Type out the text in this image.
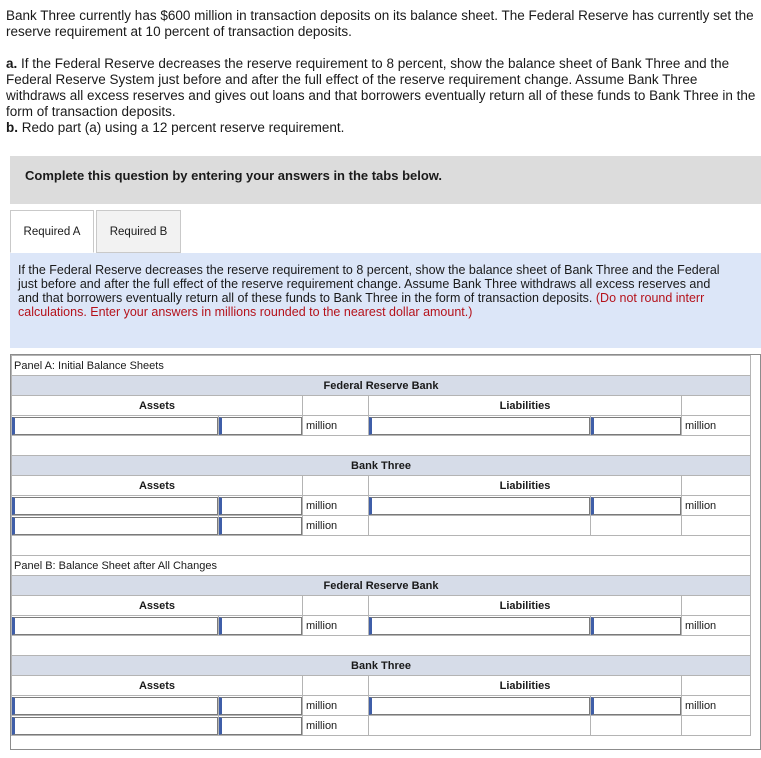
Bank Three currently has $600 million in transaction deposits on its balance sheet. The Federal Reserve has currently set the reserve requirement at 10 percent of transaction deposits.

a. If the Federal Reserve decreases the reserve requirement to 8 percent, show the balance sheet of Bank Three and the Federal Reserve System just before and after the full effect of the reserve requirement change. Assume Bank Three withdraws all excess reserves and gives out loans and that borrowers eventually return all of these funds to Bank Three in the form of transaction deposits.

b. Redo part (a) using a 12 percent reserve requirement.

Complete this question by entering your answers in the tabs below.
Required A	Required B
If the Federal Reserve decreases the reserve requirement to 8 percent, show the balance sheet of Bank Three and the Federal
just before and after the full effect of the reserve requirement change. Assume Bank Three withdraws all excess reserves and
and that borrowers eventually return all of these funds to Bank Three in the form of transaction deposits. (Do not round interr
calculations. Enter your answers in millions rounded to the nearest dollar amount.)
Panel A: Initial Balance Sheets					
Federal Reserve Bank					
Assets			Liabilities		

	million			million

Bank Three					
Assets			Liabilities		

	million			million

	million			

Panel B: Balance Sheet after All Changes					
Federal Reserve Bank					
Assets			Liabilities		

	million			million

Bank Three					
Assets			Liabilities		

	million			million

	million			
